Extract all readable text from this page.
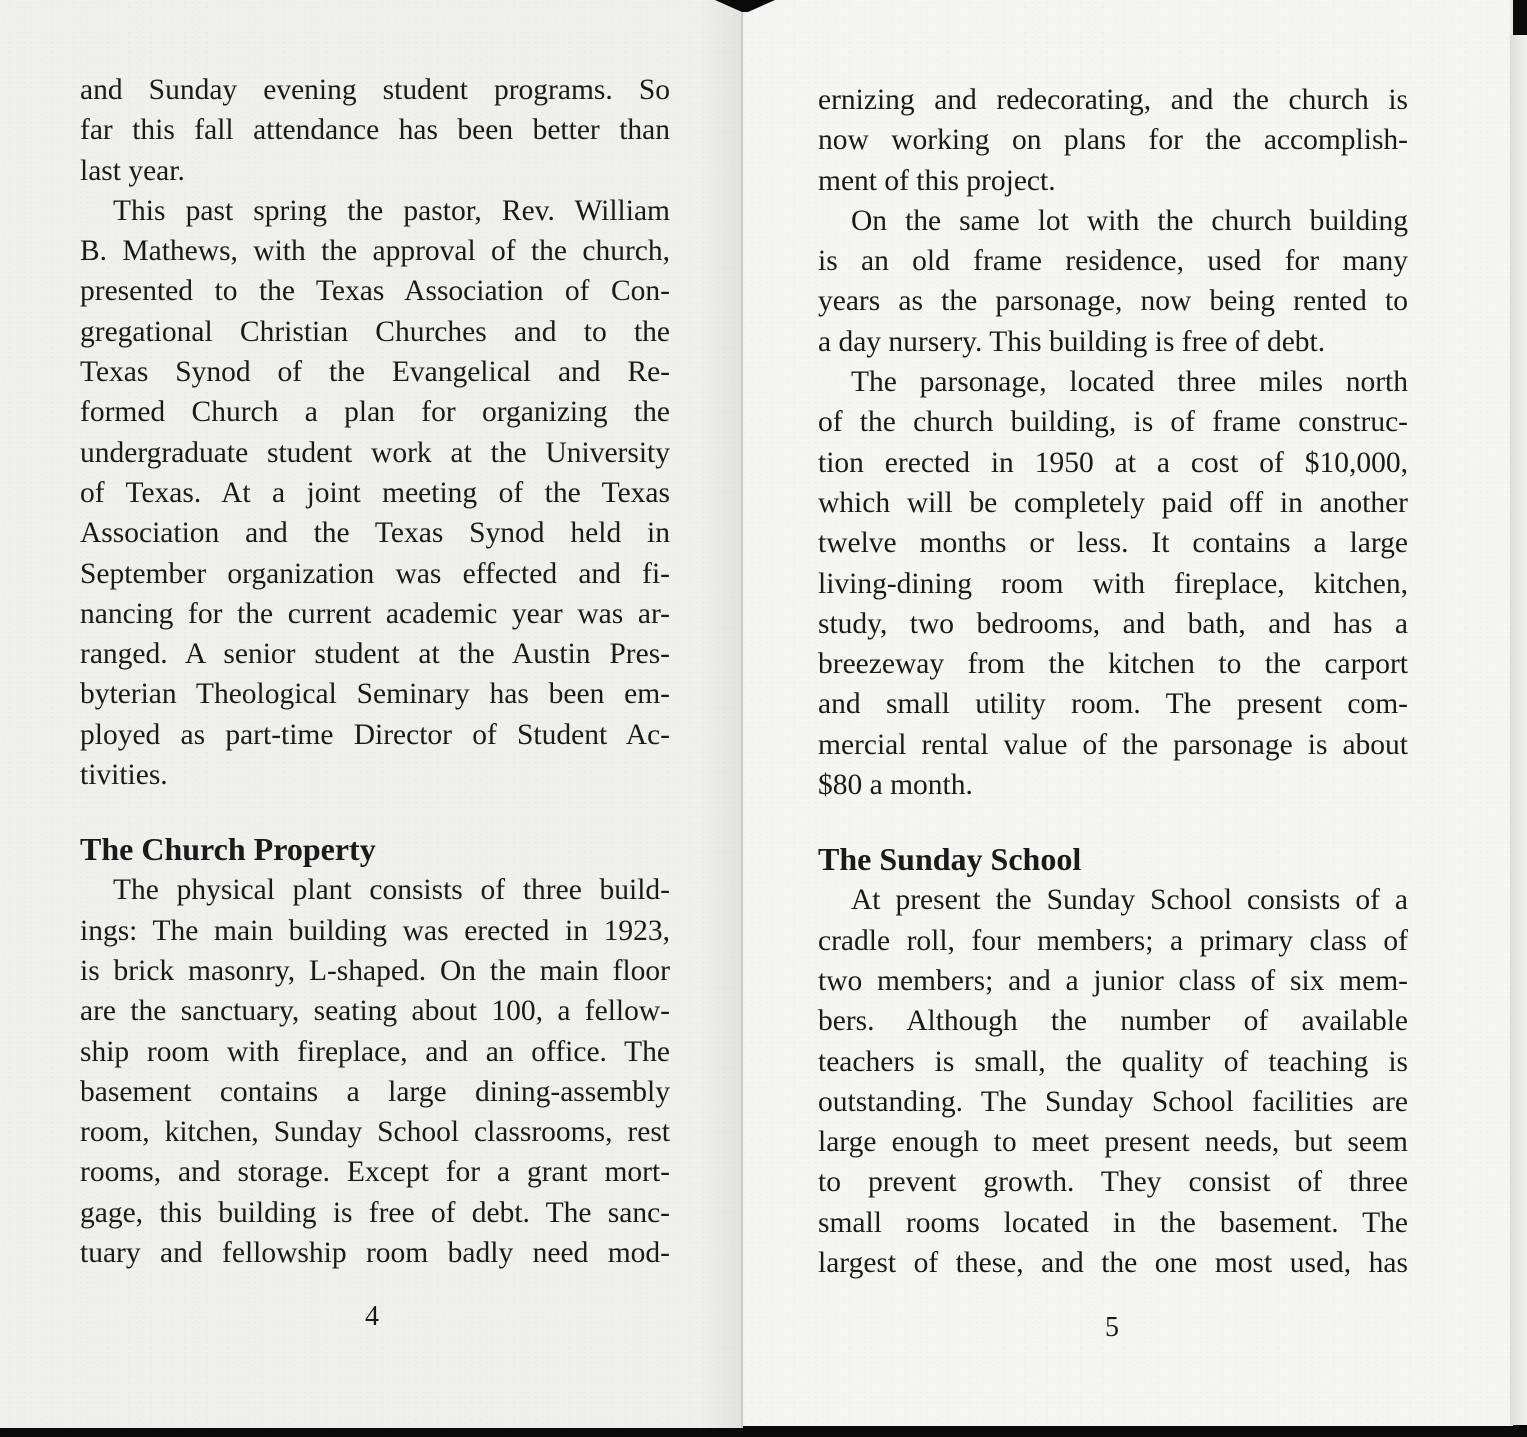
and Sunday evening student programs. So
far this fall attendance has been better than
last year.
This past spring the pastor, Rev. William
B. Mathews, with the approval of the church,
presented to the Texas Association of Con-
gregational Christian Churches and to the
Texas Synod of the Evangelical and Re-
formed Church a plan for organizing the
undergraduate student work at the University
of Texas. At a joint meeting of the Texas
Association and the Texas Synod held in
September organization was effected and fi-
nancing for the current academic year was ar-
ranged. A senior student at the Austin Pres-
byterian Theological Seminary has been em-
ployed as part-time Director of Student Ac-
tivities.
The Church Property
The physical plant consists of three build-
ings: The main building was erected in 1923,
is brick masonry, L-shaped. On the main floor
are the sanctuary, seating about 100, a fellow-
ship room with fireplace, and an office. The
basement contains a large dining-assembly
room, kitchen, Sunday School classrooms, rest
rooms, and storage. Except for a grant mort-
gage, this building is free of debt. The sanc-
tuary and fellowship room badly need mod-
4
ernizing and redecorating, and the church is
now working on plans for the accomplish-
ment of this project.
On the same lot with the church building
is an old frame residence, used for many
years as the parsonage, now being rented to
a day nursery. This building is free of debt.
The parsonage, located three miles north
of the church building, is of frame construc-
tion erected in 1950 at a cost of $10,000,
which will be completely paid off in another
twelve months or less. It contains a large
living-dining room with fireplace, kitchen,
study, two bedrooms, and bath, and has a
breezeway from the kitchen to the carport
and small utility room. The present com-
mercial rental value of the parsonage is about
$80 a month.
The Sunday School
At present the Sunday School consists of a
cradle roll, four members; a primary class of
two members; and a junior class of six mem-
bers. Although the number of available
teachers is small, the quality of teaching is
outstanding. The Sunday School facilities are
large enough to meet present needs, but seem
to prevent growth. They consist of three
small rooms located in the basement. The
largest of these, and the one most used, has
5
